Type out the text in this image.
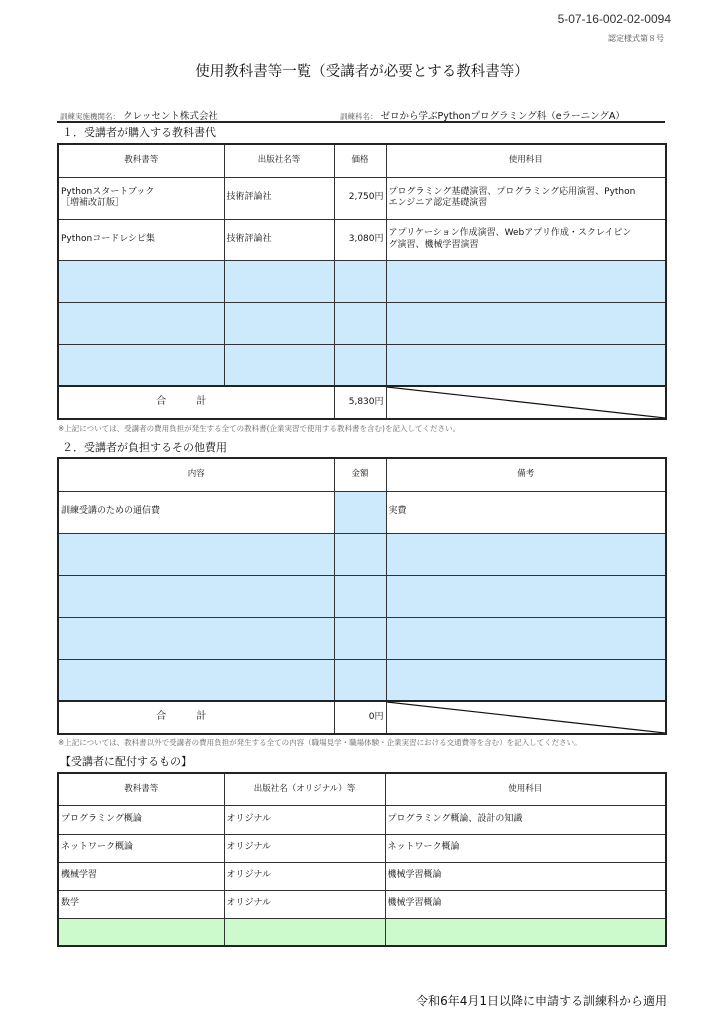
5-07-16-002-02-0094
認定様式第８号
使用教科書等一覧（受講者が必要とする教科書等）
訓練実施機関名： クレッセント株式会社	訓練科名： ゼロから学ぶPythonプログラミング科（eラーニングA）
１．受講者が購入する教科書代
教科書等	出版社名等	価格	使用科目
Pythonスタートブック
［増補改訂版］	技術評論社	2,750円	プログラミング基礎演習、プログラミング応用演習、Python
エンジニア認定基礎演習
Pythonコードレシピ集	技術評論社	3,080円	アプリケーション作成演習、Webアプリ作成・スクレイピン
グ演習、機械学習演習

合計		5,830円	
※上記については、受講者の費用負担が発生する全ての教科書(企業実習で使用する教科書を含む)を記入してください。
２．受講者が負担するその他費用
内容	金額	備考
訓練受講のための通信費		実費

合計	0円	
※上記については、教科書以外で受講者の費用負担が発生する全ての内容（職場見学・職場体験・企業実習における交通費等を含む）を記入してください。
【受講者に配付するもの】
教科書等	出版社名（オリジナル）等	使用科目
プログラミング概論	オリジナル	プログラミング概論、設計の知識
ネットワーク概論	オリジナル	ネットワーク概論
機械学習	オリジナル	機械学習概論
数学	オリジナル	機械学習概論

令和6年4月1日以降に申請する訓練科から適用
